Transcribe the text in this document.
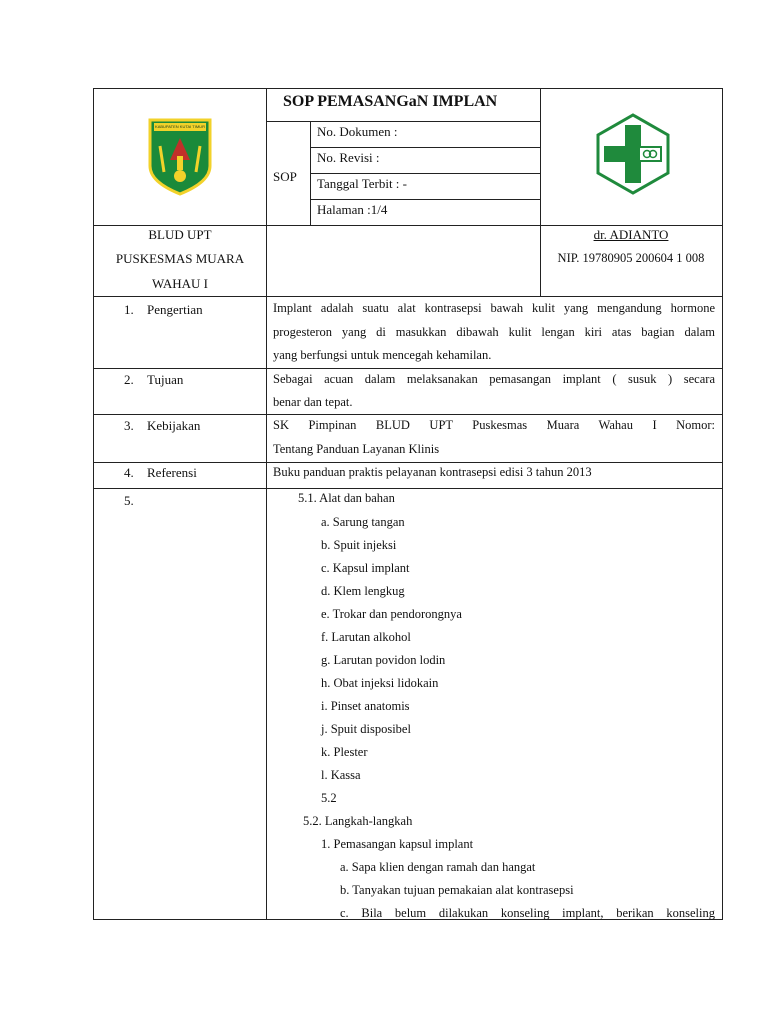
KABUPATEN KUTAI TIMUR
SOP PEMASANGaN IMPLAN
SOP
No. Dokumen :
No. Revisi :
Tanggal Terbit : -
Halaman :1/4
BLUD UPT
PUSKESMAS MUARA
WAHAU I
dr. ADIANTO
NIP. 19780905 200604 1 008
1. Pengertian	Implant adalah suatu alat kontrasepsi bawah kulit yang mengandung hormone
progesteron yang di masukkan dibawah kulit lengan kiri atas bagian dalam
yang berfungsi untuk mencegah kehamilan.
2. Tujuan	Sebagai acuan dalam melaksanakan pemasangan implant ( susuk ) secara
benar dan tepat.
3. Kebijakan	SK Pimpinan BLUD UPT Puskesmas Muara Wahau I Nomor:
Tentang Panduan Layanan Klinis
4. Referensi	Buku panduan praktis pelayanan kontrasepsi edisi 3 tahun 2013
5.	5.1. Alat dan bahan
a. Sarung tangan
b. Spuit injeksi
c. Kapsul implant
d. Klem lengkug
e. Trokar dan pendorongnya
f. Larutan alkohol
g. Larutan povidon lodin
h. Obat injeksi lidokain
i. Pinset anatomis
j. Spuit disposibel
k. Plester
l. Kassa
5.2
5.2. Langkah-langkah
1. Pemasangan kapsul implant
a. Sapa klien dengan ramah dan hangat
b. Tanyakan tujuan pemakaian alat kontrasepsi
c. Bila belum dilakukan konseling implant, berikan konseling
